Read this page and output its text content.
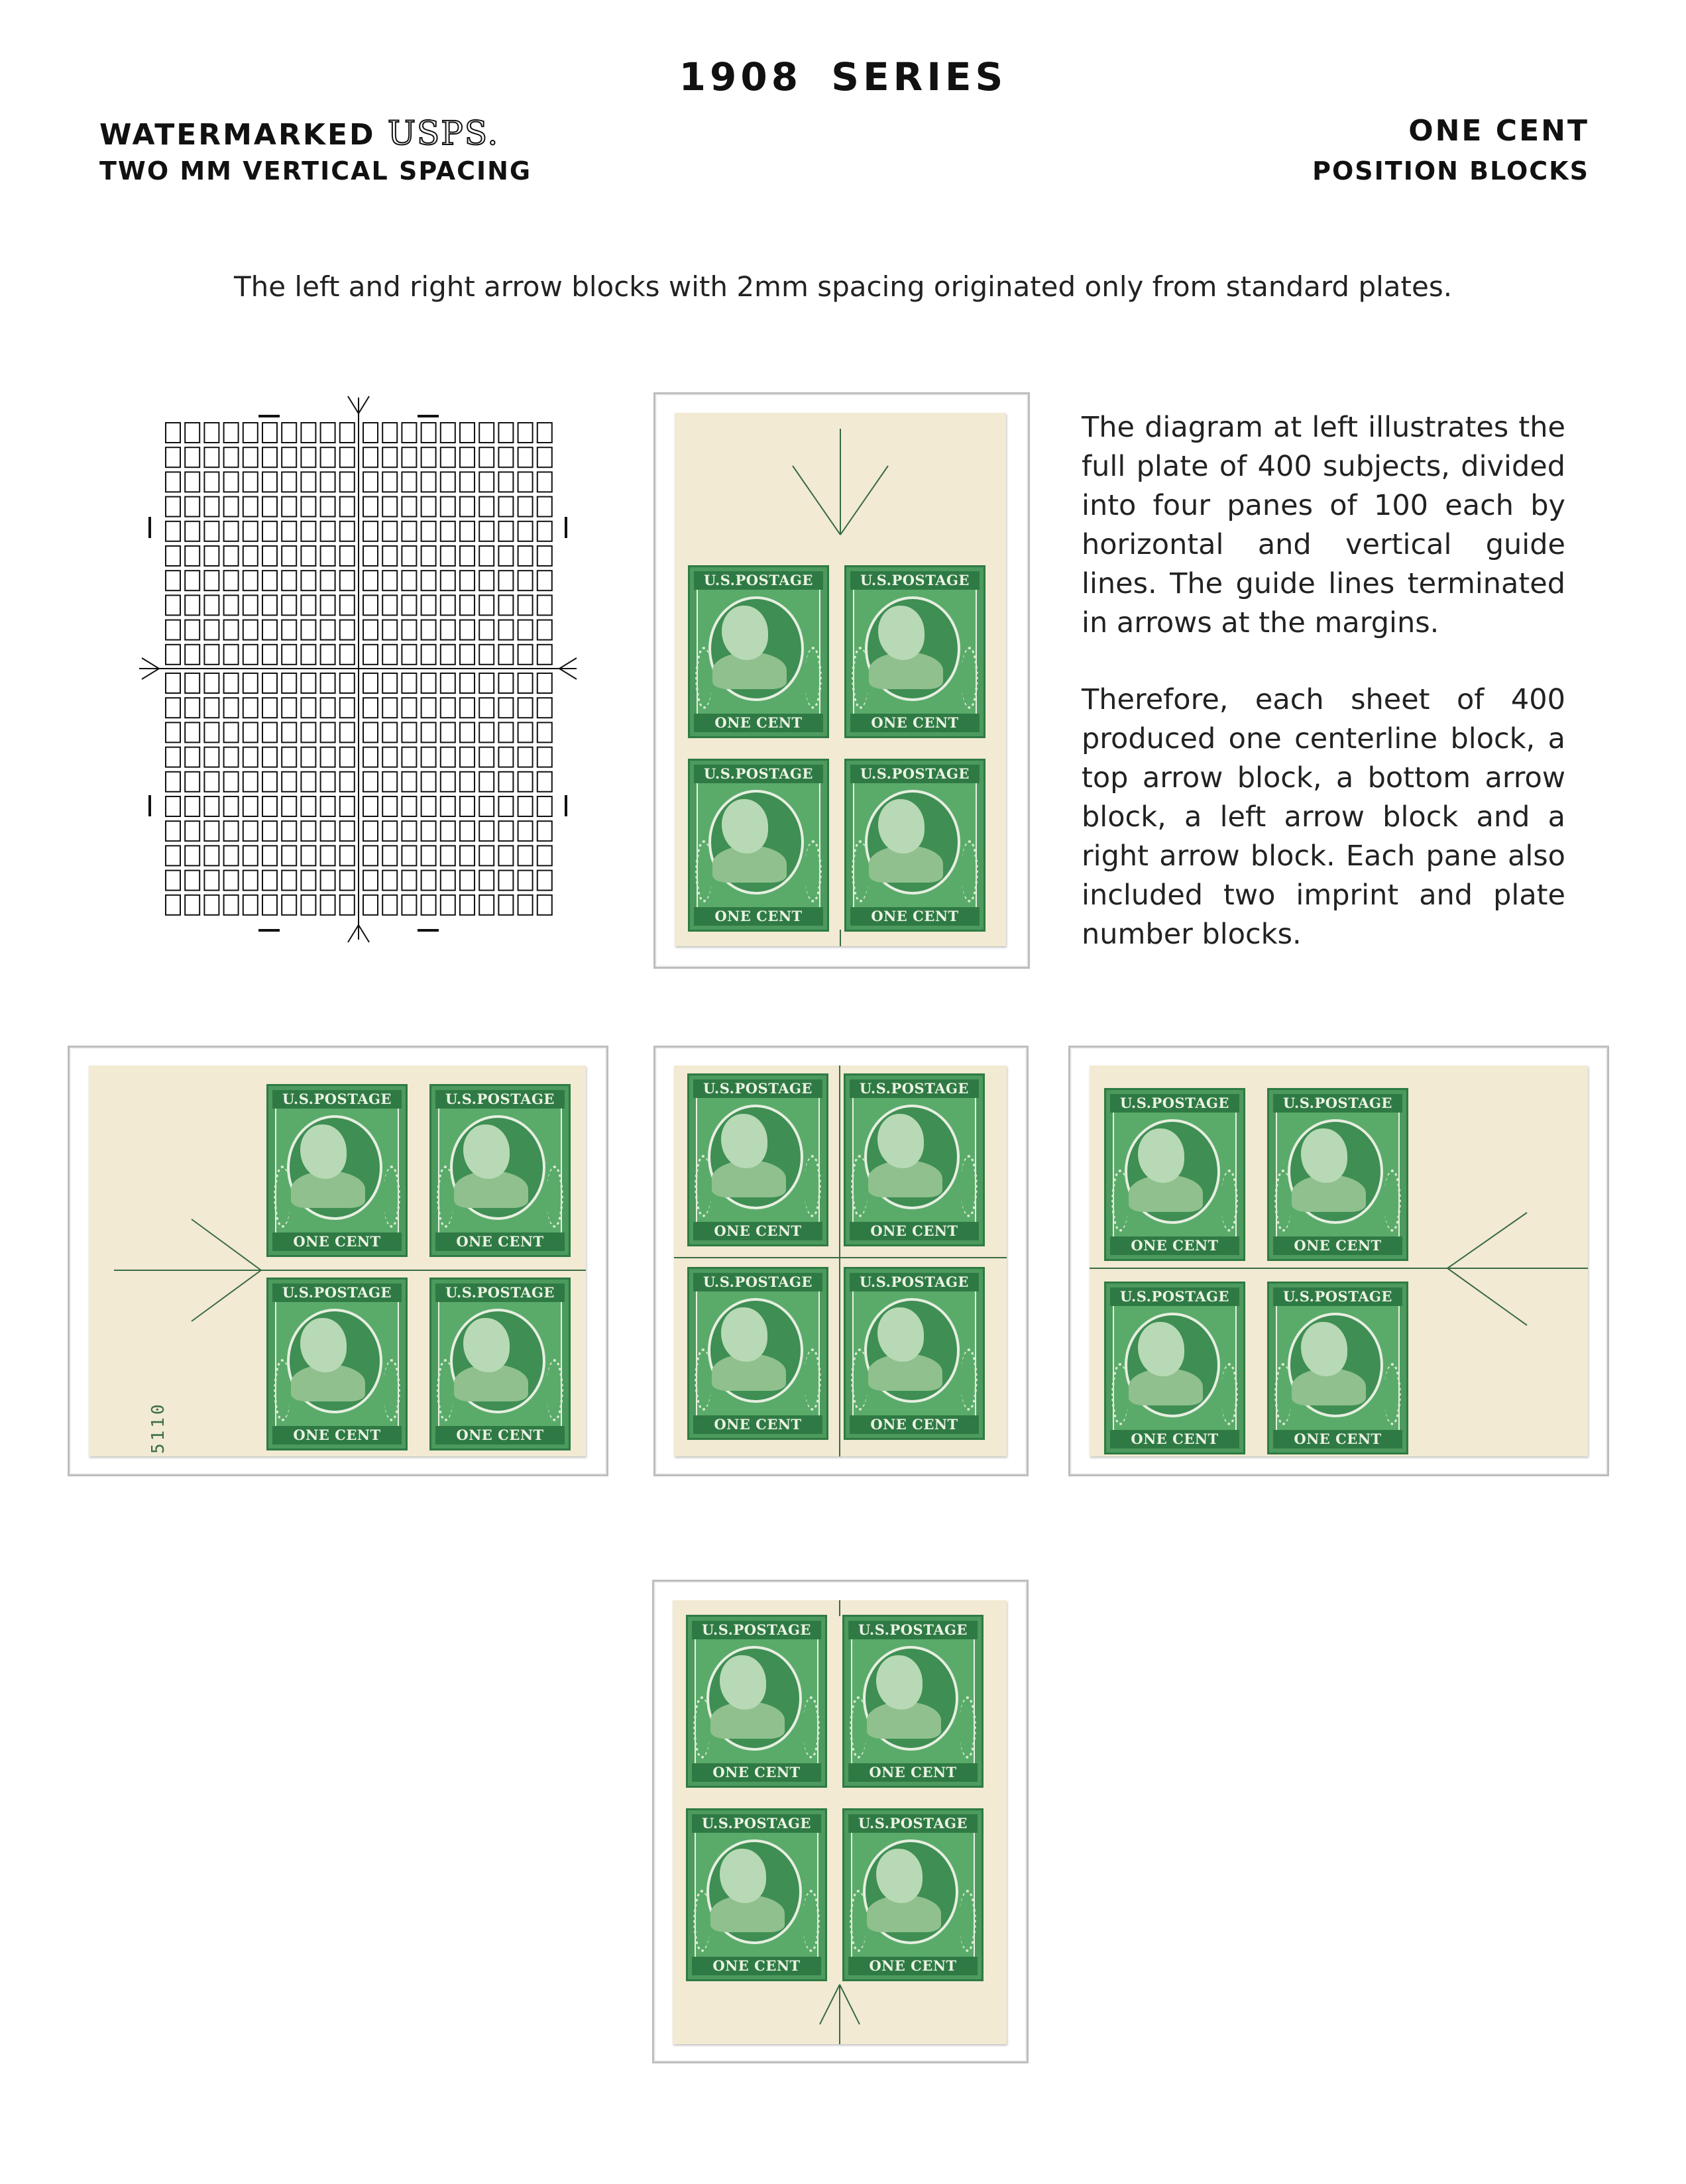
1908 SERIES
WATERMARKED USPS.
TWO MM VERTICAL SPACING
ONE CENT
POSITION BLOCKS
The left and right arrow blocks with 2mm spacing originated only from standard plates.

The diagram at left illustrates the full plate of 400 subjects, divided into four panes of 100 each by horizontal and vertical guide lines. The guide lines terminated in arrows at the margins.

Therefore, each sheet of 400 produced one centerline block, a top arrow block, a bottom arrow block, a left arrow block and a right arrow block. Each pane also included two imprint and plate number blocks.

U.S.POSTAGE
ONE CENT
U.S.POSTAGE
ONE CENT
U.S.POSTAGE
ONE CENT
U.S.POSTAGE
ONE CENT
5110
U.S.POSTAGE
ONE CENT
U.S.POSTAGE
ONE CENT
U.S.POSTAGE
ONE CENT
U.S.POSTAGE
ONE CENT
U.S.POSTAGE
ONE CENT
U.S.POSTAGE
ONE CENT
U.S.POSTAGE
ONE CENT
U.S.POSTAGE
ONE CENT
U.S.POSTAGE
ONE CENT
U.S.POSTAGE
ONE CENT
U.S.POSTAGE
ONE CENT
U.S.POSTAGE
ONE CENT
U.S.POSTAGE
ONE CENT
U.S.POSTAGE
ONE CENT
U.S.POSTAGE
ONE CENT
U.S.POSTAGE
ONE CENT
